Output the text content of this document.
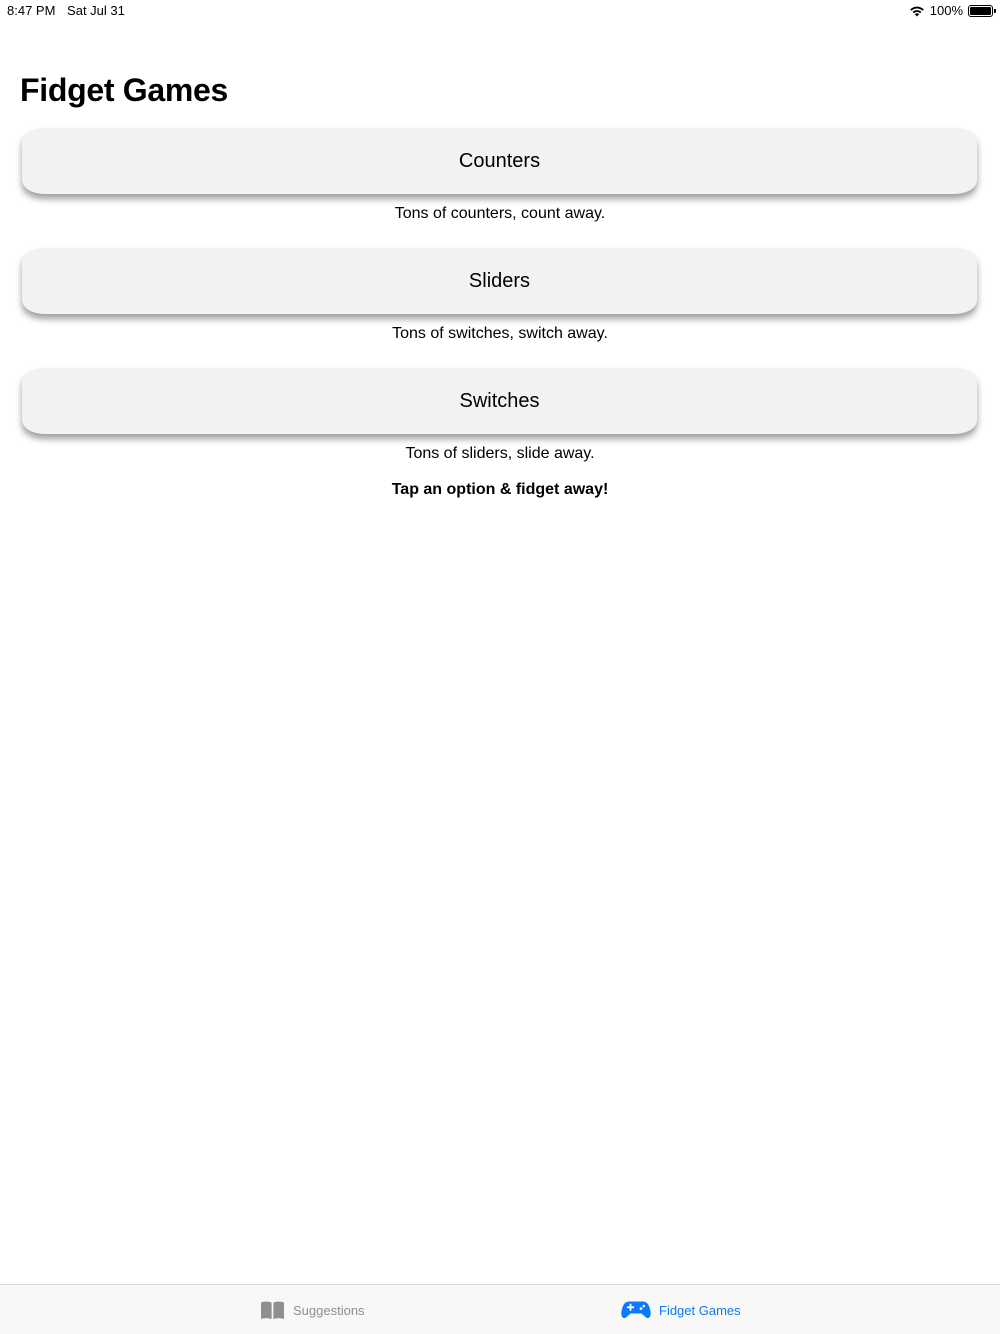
8:47 PM Sat Jul 31	100%
Fidget Games
Counters
Tons of counters, count away.
Sliders
Tons of switches, switch away.
Switches
Tons of sliders, slide away.
Tap an option & fidget away!
Suggestions	Fidget Games
